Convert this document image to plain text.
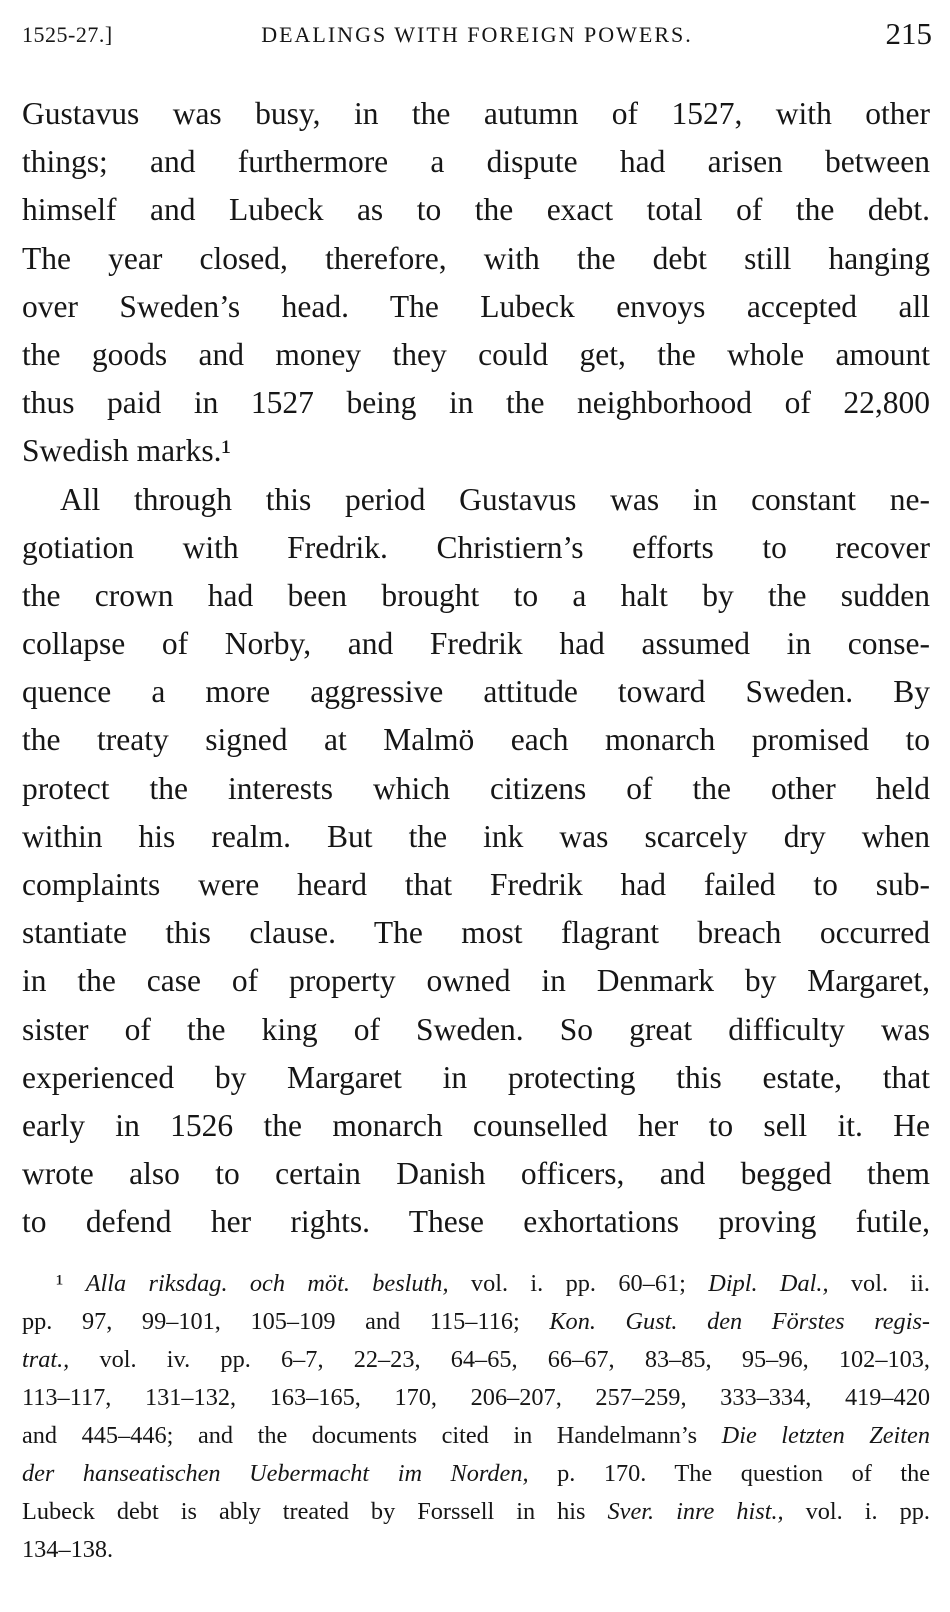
1525-27.]	DEALINGS WITH FOREIGN POWERS.	215
Gustavus was busy, in the autumn of 1527, with other
things; and furthermore a dispute had arisen between
himself and Lubeck as to the exact total of the debt.
The year closed, therefore, with the debt still hanging
over Sweden’s head. The Lubeck envoys accepted all
the goods and money they could get, the whole amount
thus paid in 1527 being in the neighborhood of 22,800
Swedish marks.¹
All through this period Gustavus was in constant ne-
gotiation with Fredrik. Christiern’s efforts to recover
the crown had been brought to a halt by the sudden
collapse of Norby, and Fredrik had assumed in conse-
quence a more aggressive attitude toward Sweden. By
the treaty signed at Malmö each monarch promised to
protect the interests which citizens of the other held
within his realm. But the ink was scarcely dry when
complaints were heard that Fredrik had failed to sub-
stantiate this clause. The most flagrant breach occurred
in the case of property owned in Denmark by Margaret,
sister of the king of Sweden. So great difficulty was
experienced by Margaret in protecting this estate, that
early in 1526 the monarch counselled her to sell it. He
wrote also to certain Danish officers, and begged them
to defend her rights. These exhortations proving futile,
¹ Alla riksdag. och möt. besluth, vol. i. pp. 60–61; Dipl. Dal., vol. ii.
pp. 97, 99–101, 105–109 and 115–116; Kon. Gust. den Förstes regis-
trat., vol. iv. pp. 6–7, 22–23, 64–65, 66–67, 83–85, 95–96, 102–103,
113–117, 131–132, 163–165, 170, 206–207, 257–259, 333–334, 419–420
and 445–446; and the documents cited in Handelmann’s Die letzten Zeiten
der hanseatischen Uebermacht im Norden, p. 170. The question of the
Lubeck debt is ably treated by Forssell in his Sver. inre hist., vol. i. pp.
134–138.
